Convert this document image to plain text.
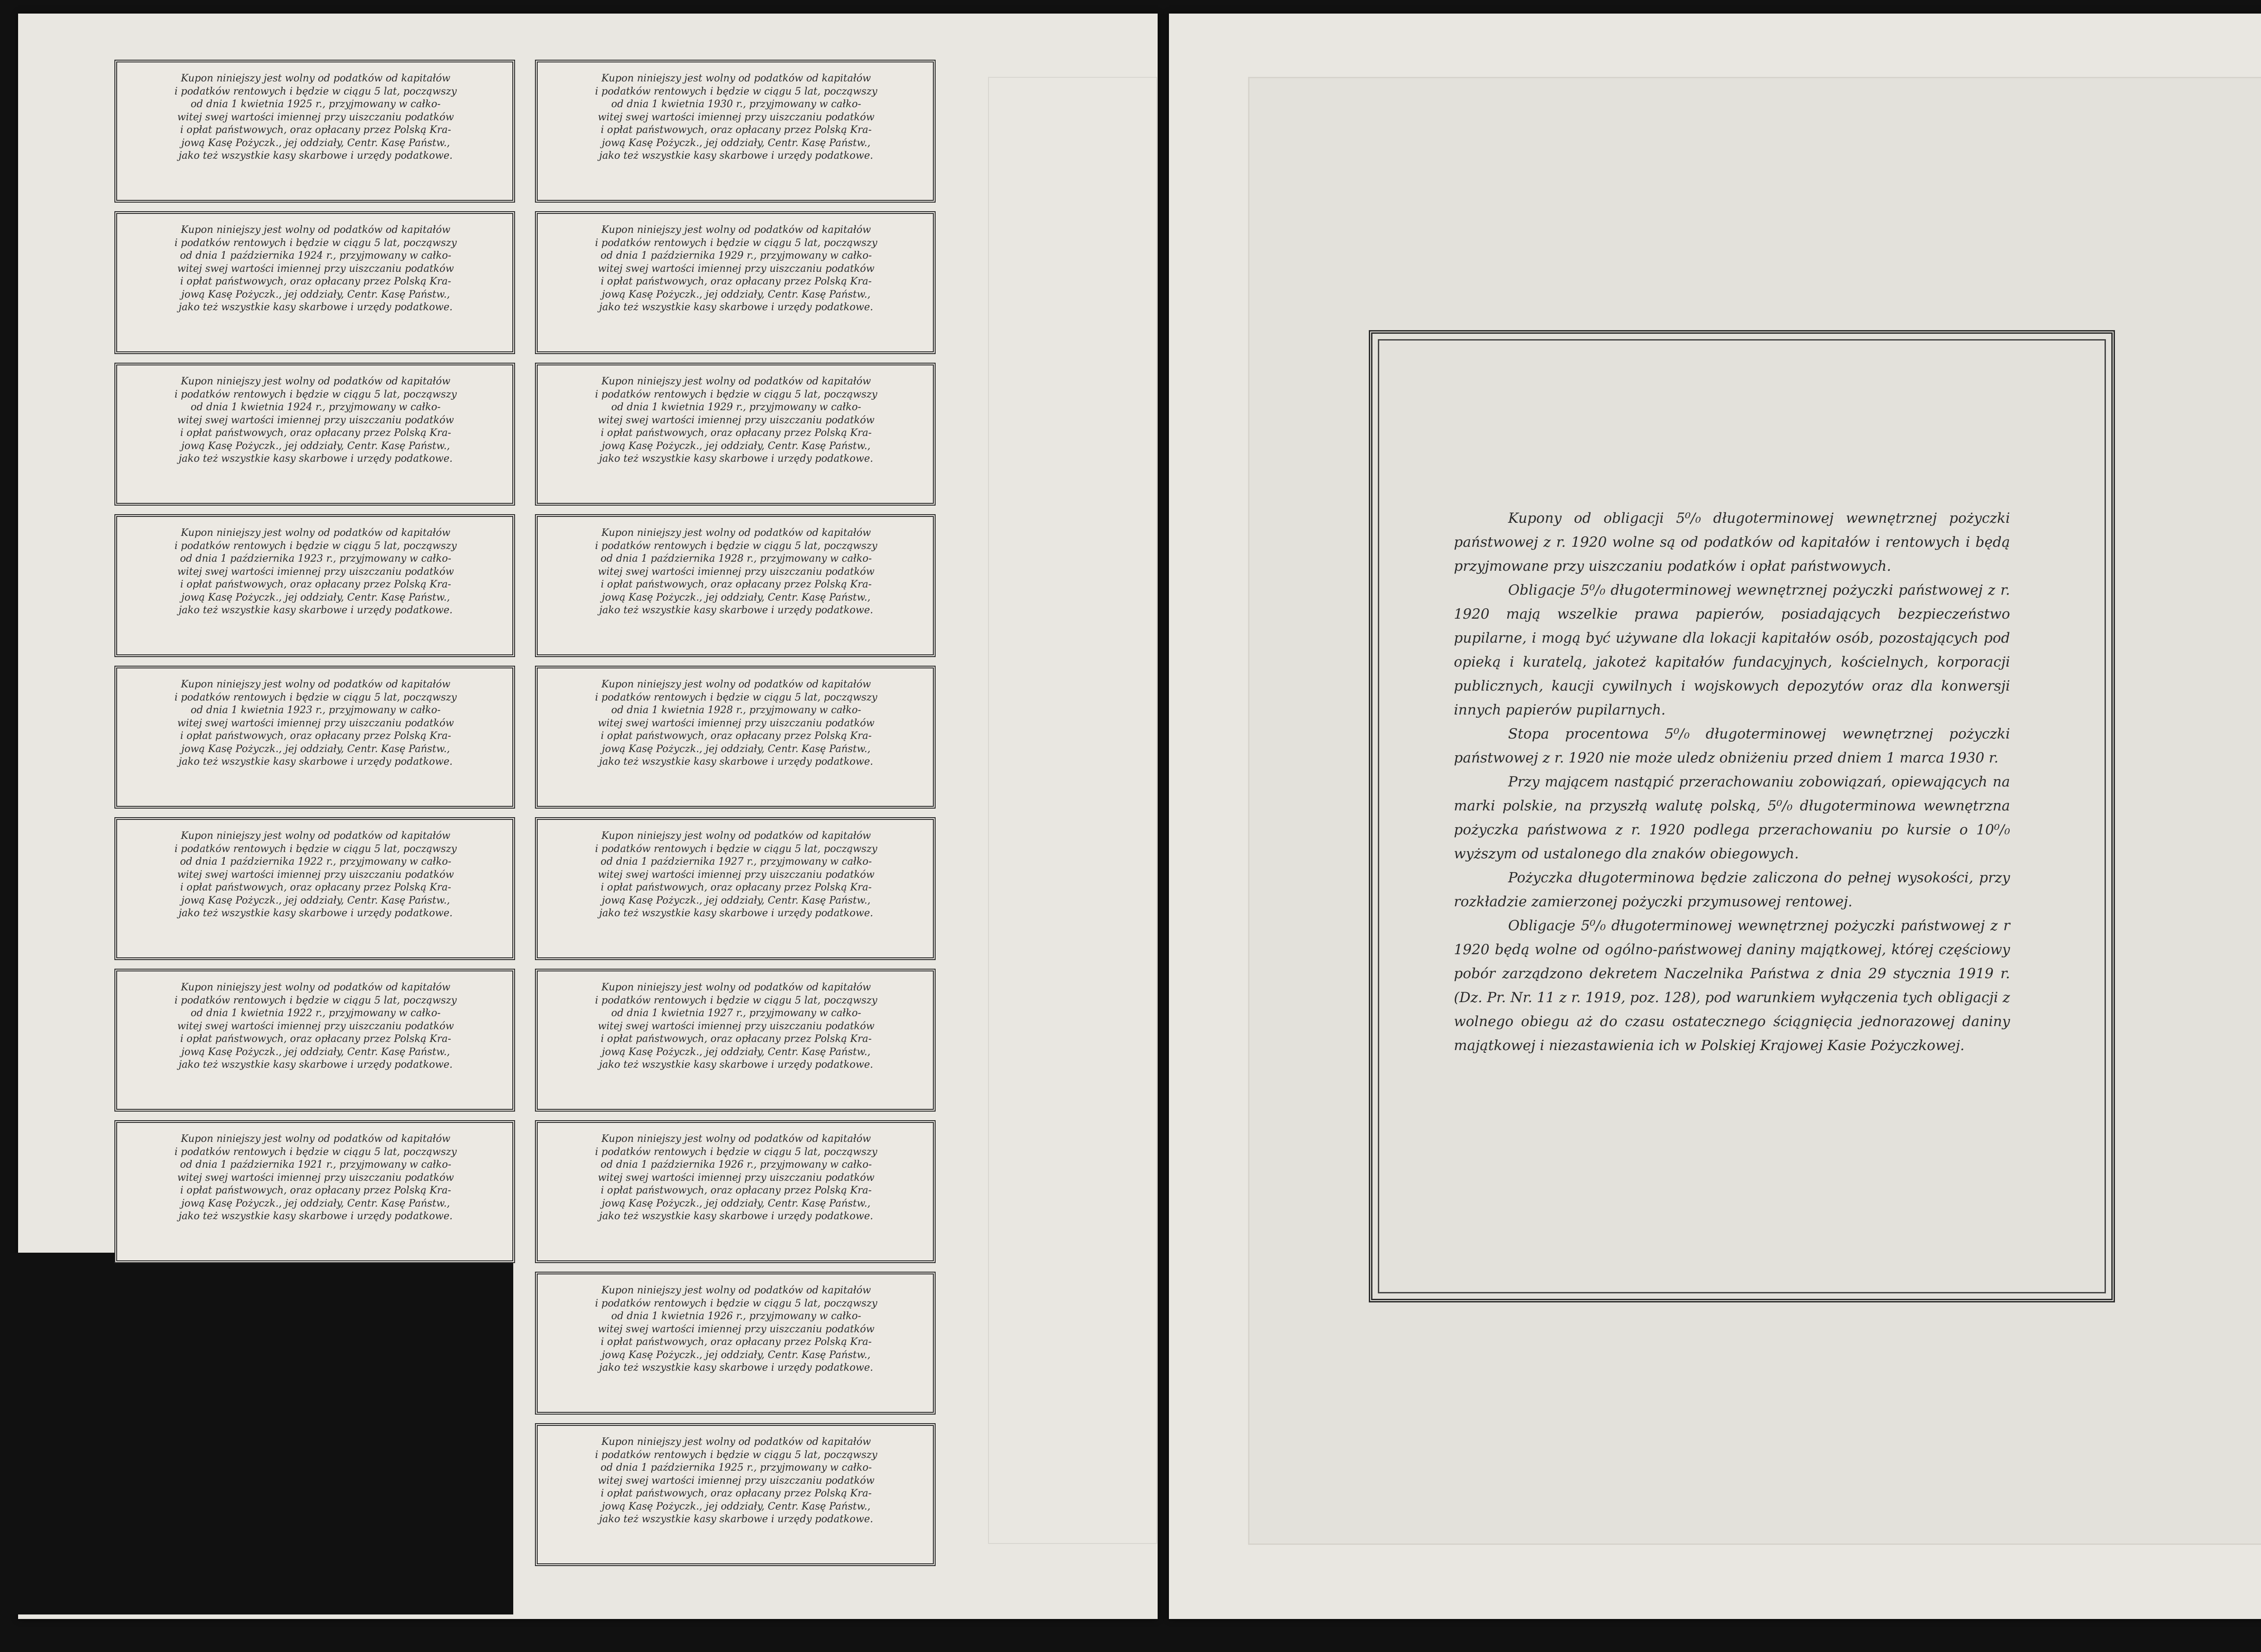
Kupon niniejszy jest wolny od podatków od kapitałów
i podatków rentowych i będzie w ciągu 5 lat, począwszy
od dnia 1 kwietnia 1925 r., przyjmowany w całko-
witej swej wartości imiennej przy uiszczaniu podatków
i opłat państwowych, oraz opłacany przez Polską Kra-
jową Kasę Pożyczk., jej oddziały, Centr. Kasę Państw.,
jako też wszystkie kasy skarbowe i urzędy podatkowe.

Kupon niniejszy jest wolny od podatków od kapitałów
i podatków rentowych i będzie w ciągu 5 lat, począwszy
od dnia 1 października 1924 r., przyjmowany w całko-
witej swej wartości imiennej przy uiszczaniu podatków
i opłat państwowych, oraz opłacany przez Polską Kra-
jową Kasę Pożyczk., jej oddziały, Centr. Kasę Państw.,
jako też wszystkie kasy skarbowe i urzędy podatkowe.

Kupon niniejszy jest wolny od podatków od kapitałów
i podatków rentowych i będzie w ciągu 5 lat, począwszy
od dnia 1 kwietnia 1924 r., przyjmowany w całko-
witej swej wartości imiennej przy uiszczaniu podatków
i opłat państwowych, oraz opłacany przez Polską Kra-
jową Kasę Pożyczk., jej oddziały, Centr. Kasę Państw.,
jako też wszystkie kasy skarbowe i urzędy podatkowe.

Kupon niniejszy jest wolny od podatków od kapitałów
i podatków rentowych i będzie w ciągu 5 lat, począwszy
od dnia 1 października 1923 r., przyjmowany w całko-
witej swej wartości imiennej przy uiszczaniu podatków
i opłat państwowych, oraz opłacany przez Polską Kra-
jową Kasę Pożyczk., jej oddziały, Centr. Kasę Państw.,
jako też wszystkie kasy skarbowe i urzędy podatkowe.

Kupon niniejszy jest wolny od podatków od kapitałów
i podatków rentowych i będzie w ciągu 5 lat, począwszy
od dnia 1 kwietnia 1923 r., przyjmowany w całko-
witej swej wartości imiennej przy uiszczaniu podatków
i opłat państwowych, oraz opłacany przez Polską Kra-
jową Kasę Pożyczk., jej oddziały, Centr. Kasę Państw.,
jako też wszystkie kasy skarbowe i urzędy podatkowe.

Kupon niniejszy jest wolny od podatków od kapitałów
i podatków rentowych i będzie w ciągu 5 lat, począwszy
od dnia 1 października 1922 r., przyjmowany w całko-
witej swej wartości imiennej przy uiszczaniu podatków
i opłat państwowych, oraz opłacany przez Polską Kra-
jową Kasę Pożyczk., jej oddziały, Centr. Kasę Państw.,
jako też wszystkie kasy skarbowe i urzędy podatkowe.

Kupon niniejszy jest wolny od podatków od kapitałów
i podatków rentowych i będzie w ciągu 5 lat, począwszy
od dnia 1 kwietnia 1922 r., przyjmowany w całko-
witej swej wartości imiennej przy uiszczaniu podatków
i opłat państwowych, oraz opłacany przez Polską Kra-
jową Kasę Pożyczk., jej oddziały, Centr. Kasę Państw.,
jako też wszystkie kasy skarbowe i urzędy podatkowe.

Kupon niniejszy jest wolny od podatków od kapitałów
i podatków rentowych i będzie w ciągu 5 lat, począwszy
od dnia 1 października 1921 r., przyjmowany w całko-
witej swej wartości imiennej przy uiszczaniu podatków
i opłat państwowych, oraz opłacany przez Polską Kra-
jową Kasę Pożyczk., jej oddziały, Centr. Kasę Państw.,
jako też wszystkie kasy skarbowe i urzędy podatkowe.

Kupon niniejszy jest wolny od podatków od kapitałów
i podatków rentowych i będzie w ciągu 5 lat, począwszy
od dnia 1 kwietnia 1930 r., przyjmowany w całko-
witej swej wartości imiennej przy uiszczaniu podatków
i opłat państwowych, oraz opłacany przez Polską Kra-
jową Kasę Pożyczk., jej oddziały, Centr. Kasę Państw.,
jako też wszystkie kasy skarbowe i urzędy podatkowe.

Kupon niniejszy jest wolny od podatków od kapitałów
i podatków rentowych i będzie w ciągu 5 lat, począwszy
od dnia 1 października 1929 r., przyjmowany w całko-
witej swej wartości imiennej przy uiszczaniu podatków
i opłat państwowych, oraz opłacany przez Polską Kra-
jową Kasę Pożyczk., jej oddziały, Centr. Kasę Państw.,
jako też wszystkie kasy skarbowe i urzędy podatkowe.

Kupon niniejszy jest wolny od podatków od kapitałów
i podatków rentowych i będzie w ciągu 5 lat, począwszy
od dnia 1 kwietnia 1929 r., przyjmowany w całko-
witej swej wartości imiennej przy uiszczaniu podatków
i opłat państwowych, oraz opłacany przez Polską Kra-
jową Kasę Pożyczk., jej oddziały, Centr. Kasę Państw.,
jako też wszystkie kasy skarbowe i urzędy podatkowe.

Kupon niniejszy jest wolny od podatków od kapitałów
i podatków rentowych i będzie w ciągu 5 lat, począwszy
od dnia 1 października 1928 r., przyjmowany w całko-
witej swej wartości imiennej przy uiszczaniu podatków
i opłat państwowych, oraz opłacany przez Polską Kra-
jową Kasę Pożyczk., jej oddziały, Centr. Kasę Państw.,
jako też wszystkie kasy skarbowe i urzędy podatkowe.

Kupon niniejszy jest wolny od podatków od kapitałów
i podatków rentowych i będzie w ciągu 5 lat, począwszy
od dnia 1 kwietnia 1928 r., przyjmowany w całko-
witej swej wartości imiennej przy uiszczaniu podatków
i opłat państwowych, oraz opłacany przez Polską Kra-
jową Kasę Pożyczk., jej oddziały, Centr. Kasę Państw.,
jako też wszystkie kasy skarbowe i urzędy podatkowe.

Kupon niniejszy jest wolny od podatków od kapitałów
i podatków rentowych i będzie w ciągu 5 lat, począwszy
od dnia 1 października 1927 r., przyjmowany w całko-
witej swej wartości imiennej przy uiszczaniu podatków
i opłat państwowych, oraz opłacany przez Polską Kra-
jową Kasę Pożyczk., jej oddziały, Centr. Kasę Państw.,
jako też wszystkie kasy skarbowe i urzędy podatkowe.

Kupon niniejszy jest wolny od podatków od kapitałów
i podatków rentowych i będzie w ciągu 5 lat, począwszy
od dnia 1 kwietnia 1927 r., przyjmowany w całko-
witej swej wartości imiennej przy uiszczaniu podatków
i opłat państwowych, oraz opłacany przez Polską Kra-
jową Kasę Pożyczk., jej oddziały, Centr. Kasę Państw.,
jako też wszystkie kasy skarbowe i urzędy podatkowe.

Kupon niniejszy jest wolny od podatków od kapitałów
i podatków rentowych i będzie w ciągu 5 lat, począwszy
od dnia 1 października 1926 r., przyjmowany w całko-
witej swej wartości imiennej przy uiszczaniu podatków
i opłat państwowych, oraz opłacany przez Polską Kra-
jową Kasę Pożyczk., jej oddziały, Centr. Kasę Państw.,
jako też wszystkie kasy skarbowe i urzędy podatkowe.

Kupon niniejszy jest wolny od podatków od kapitałów
i podatków rentowych i będzie w ciągu 5 lat, począwszy
od dnia 1 kwietnia 1926 r., przyjmowany w całko-
witej swej wartości imiennej przy uiszczaniu podatków
i opłat państwowych, oraz opłacany przez Polską Kra-
jową Kasę Pożyczk., jej oddziały, Centr. Kasę Państw.,
jako też wszystkie kasy skarbowe i urzędy podatkowe.

Kupon niniejszy jest wolny od podatków od kapitałów
i podatków rentowych i będzie w ciągu 5 lat, począwszy
od dnia 1 października 1925 r., przyjmowany w całko-
witej swej wartości imiennej przy uiszczaniu podatków
i opłat państwowych, oraz opłacany przez Polską Kra-
jową Kasę Pożyczk., jej oddziały, Centr. Kasę Państw.,
jako też wszystkie kasy skarbowe i urzędy podatkowe.

Kupony od obligacji 5⁰/₀ długoterminowej wewnętrznej pożyczki państwowej z r. 1920 wolne są od podatków od kapitałów i rentowych i będą przyjmowane przy uiszczaniu podatków i opłat państwowych.

Obligacje 5⁰/₀ długoterminowej wewnętrznej pożyczki państwowej z r. 1920 mają wszelkie prawa papierów, posiadających bezpieczeństwo pupilarne, i mogą być używane dla lokacji kapitałów osób, pozostających pod opieką i kuratelą, jakoteż kapitałów fundacyjnych, kościelnych, korporacji publicznych, kaucji cywilnych i wojskowych depozytów oraz dla konwersji innych papierów pupilarnych.

Stopa procentowa 5⁰/₀ długoterminowej wewnętrznej pożyczki państwowej z r. 1920 nie może uledz obniżeniu przed dniem 1 marca 1930 r.

Przy mającem nastąpić przerachowaniu zobowiązań, opiewających na marki polskie, na przyszłą walutę polską, 5⁰/₀ długoterminowa wewnętrzna pożyczka państwowa z r. 1920 podlega przerachowaniu po kursie o 10⁰/₀ wyższym od ustalonego dla znaków obiegowych.

Pożyczka długoterminowa będzie zaliczona do pełnej wysokości, przy rozkładzie zamierzonej pożyczki przymusowej rentowej.

Obligacje 5⁰/₀ długoterminowej wewnętrznej pożyczki państwowej z r 1920 będą wolne od ogólno-państwowej daniny majątkowej, której częściowy pobór zarządzono dekretem Naczelnika Państwa z dnia 29 stycznia 1919 r. (Dz. Pr. Nr. 11 z r. 1919, poz. 128), pod warunkiem wyłączenia tych obligacji z wolnego obiegu aż do czasu ostatecznego ściągnięcia jednorazowej daniny majątkowej i niezastawienia ich w Polskiej Krajowej Kasie Pożyczkowej.
